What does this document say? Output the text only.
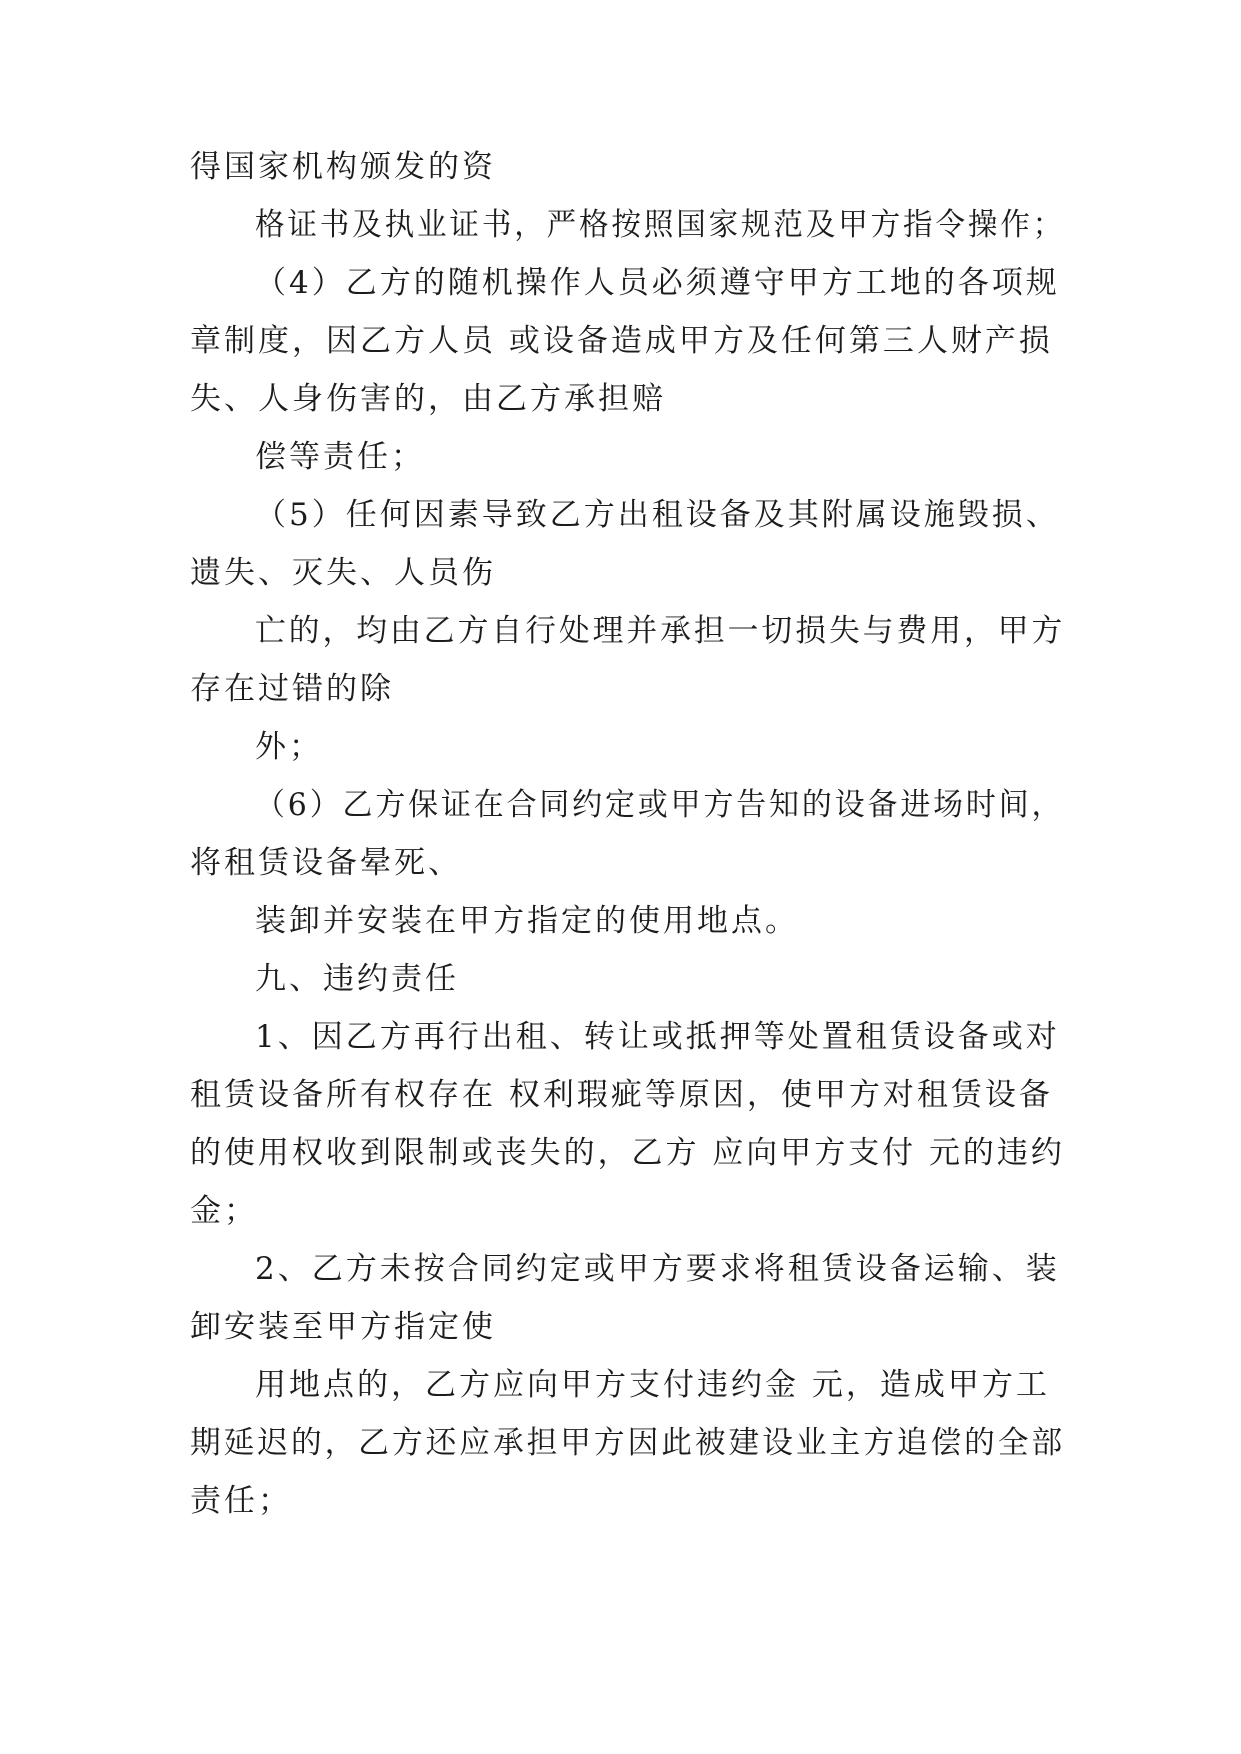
得国家机构颁发的资
格证书及执业证书，严格按照国家规范及甲方指令操作；
（4）乙方的随机操作人员必须遵守甲方工地的各项规
章制度，因乙方人员 或设备造成甲方及任何第三人财产损
失、人身伤害的，由乙方承担赔
偿等责任；
（5）任何因素导致乙方出租设备及其附属设施毁损、
遗失、灭失、人员伤
亡的，均由乙方自行处理并承担一切损失与费用，甲方
存在过错的除
外；
（6）乙方保证在合同约定或甲方告知的设备进场时间，
将租赁设备晕死、
装卸并安装在甲方指定的使用地点。
九、违约责任
1、因乙方再行出租、转让或抵押等处置租赁设备或对
租赁设备所有权存在 权利瑕疵等原因，使甲方对租赁设备
的使用权收到限制或丧失的，乙方 应向甲方支付 元的违约
金；
2、乙方未按合同约定或甲方要求将租赁设备运输、装
卸安装至甲方指定使
用地点的，乙方应向甲方支付违约金 元，造成甲方工
期延迟的，乙方还应承担甲方因此被建设业主方追偿的全部
责任；
